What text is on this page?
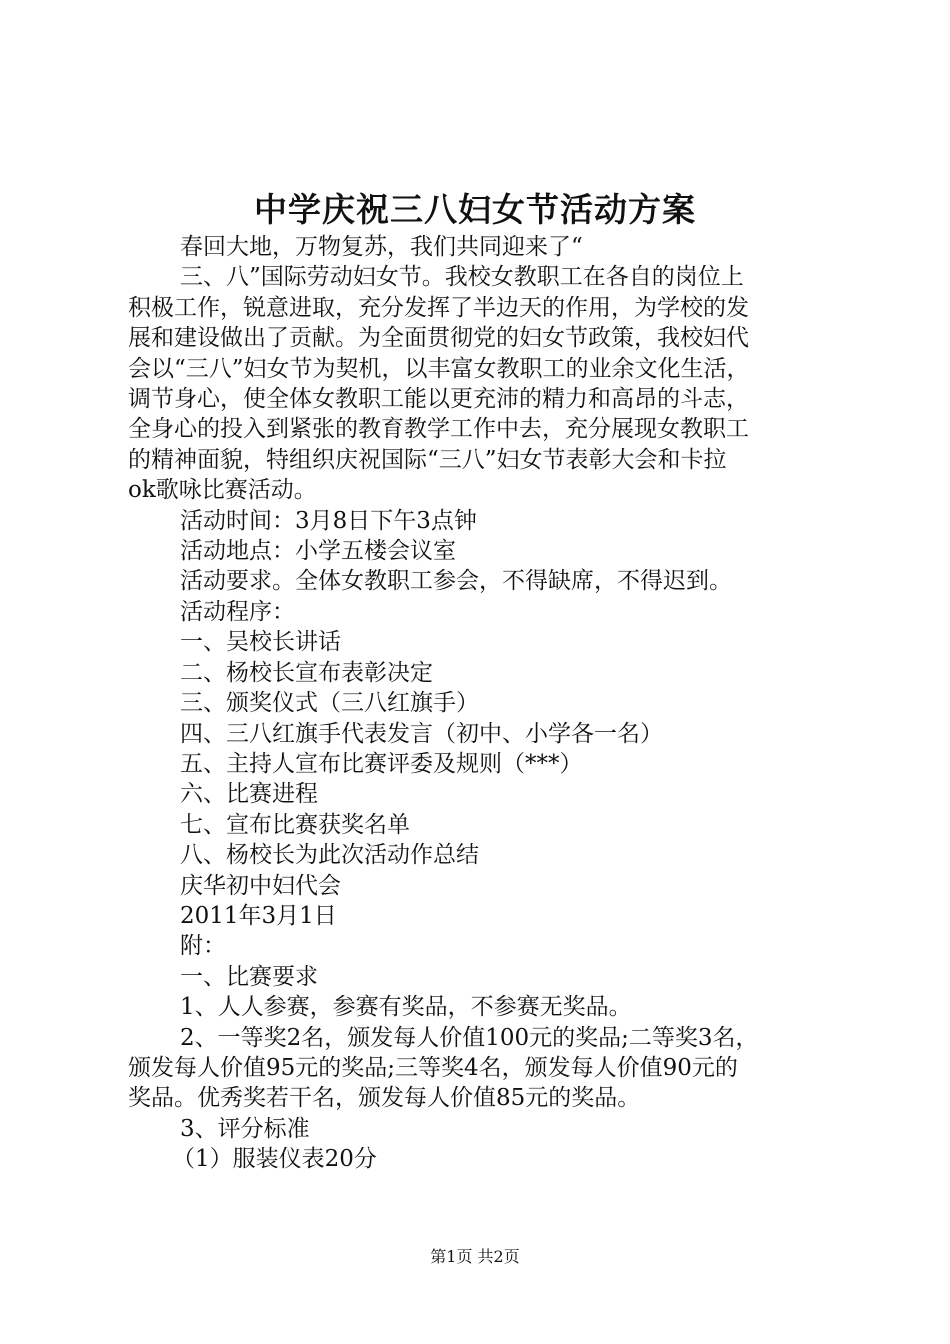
中学庆祝三八妇女节活动方案

春回大地，万物复苏，我们共同迎来了“

三、八”国际劳动妇女节。我校女教职工在各自的岗位上

积极工作，锐意进取，充分发挥了半边天的作用，为学校的发

展和建设做出了贡献。为全面贯彻党的妇女节政策，我校妇代

会以“三八”妇女节为契机，以丰富女教职工的业余文化生活，

调节身心，使全体女教职工能以更充沛的精力和高昂的斗志，

全身心的投入到紧张的教育教学工作中去，充分展现女教职工

的精神面貌，特组织庆祝国际“三八”妇女节表彰大会和卡拉

ok歌咏比赛活动。

活动时间：3月8日下午3点钟

活动地点：小学五楼会议室

活动要求。全体女教职工参会，不得缺席，不得迟到。

活动程序：

一、吴校长讲话

二、杨校长宣布表彰决定

三、颁奖仪式（三八红旗手）

四、三八红旗手代表发言（初中、小学各一名）

五、主持人宣布比赛评委及规则（***）

六、比赛进程

七、宣布比赛获奖名单

八、杨校长为此次活动作总结

庆华初中妇代会

2011年3月1日

附：

一、比赛要求

1、人人参赛，参赛有奖品，不参赛无奖品。

2、一等奖2名，颁发每人价值100元的奖品;二等奖3名，

颁发每人价值95元的奖品;三等奖4名，颁发每人价值90元的

奖品。优秀奖若干名，颁发每人价值85元的奖品。

3、评分标准

（1）服装仪表20分

第1页 共2页
